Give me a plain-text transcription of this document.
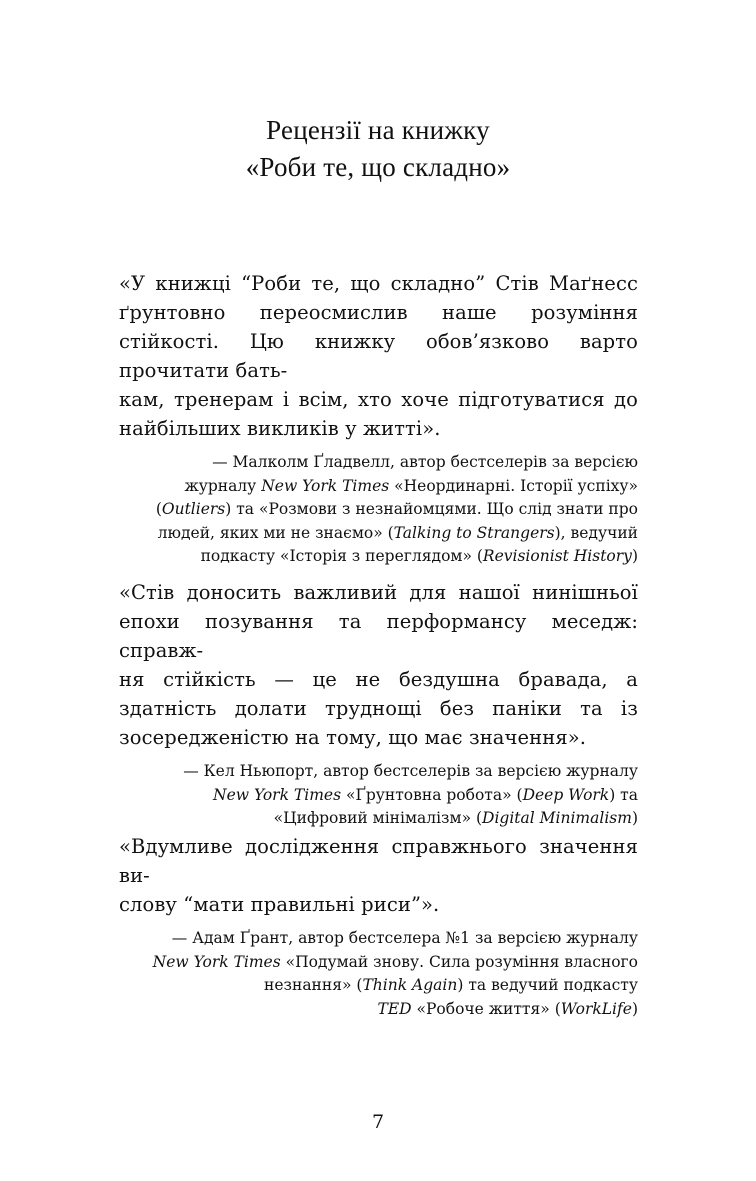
Рецензії на книжку
«Роби те, що складно»
«У книжці “Роби те, що складно” Стів Маґнесс ґрунтовно переосмислив наше розуміння стійкості. Цю книжку обов’язково варто прочитати бать-
кам, тренерам і всім, хто хоче підготуватися до найбільших викликів у житті».
— Малколм Ґладвелл, автор бестселерів за версією
журналу New York Times «Неординарні. Історії успіху»
(Outliers) та «Розмови з незнайомцями. Що слід знати про
людей, яких ми не знаємо» (Talking to Strangers), ведучий
подкасту «Історія з переглядом» (Revisionist History)
«Стів доносить важливий для нашої нинішньої епохи позування та перформансу меседж: справж-
ня стійкість — це не бездушна бравада, а здатність долати труднощі без паніки та із зосередженістю на тому, що має значення».
— Кел Ньюпорт, автор бестселерів за версією журналу
New York Times «Ґрунтовна робота» (Deep Work) та
«Цифровий мінімалізм» (Digital Minimalism)
«Вдумливе дослідження справжнього значення ви-
слову “мати правильні риси”».
— Адам Ґрант, автор бестселера №1 за версією журналу
New York Times «Подумай знову. Сила розуміння власного
незнання» (Think Again) та ведучий подкасту
TED «Робоче життя» (WorkLife)
7
